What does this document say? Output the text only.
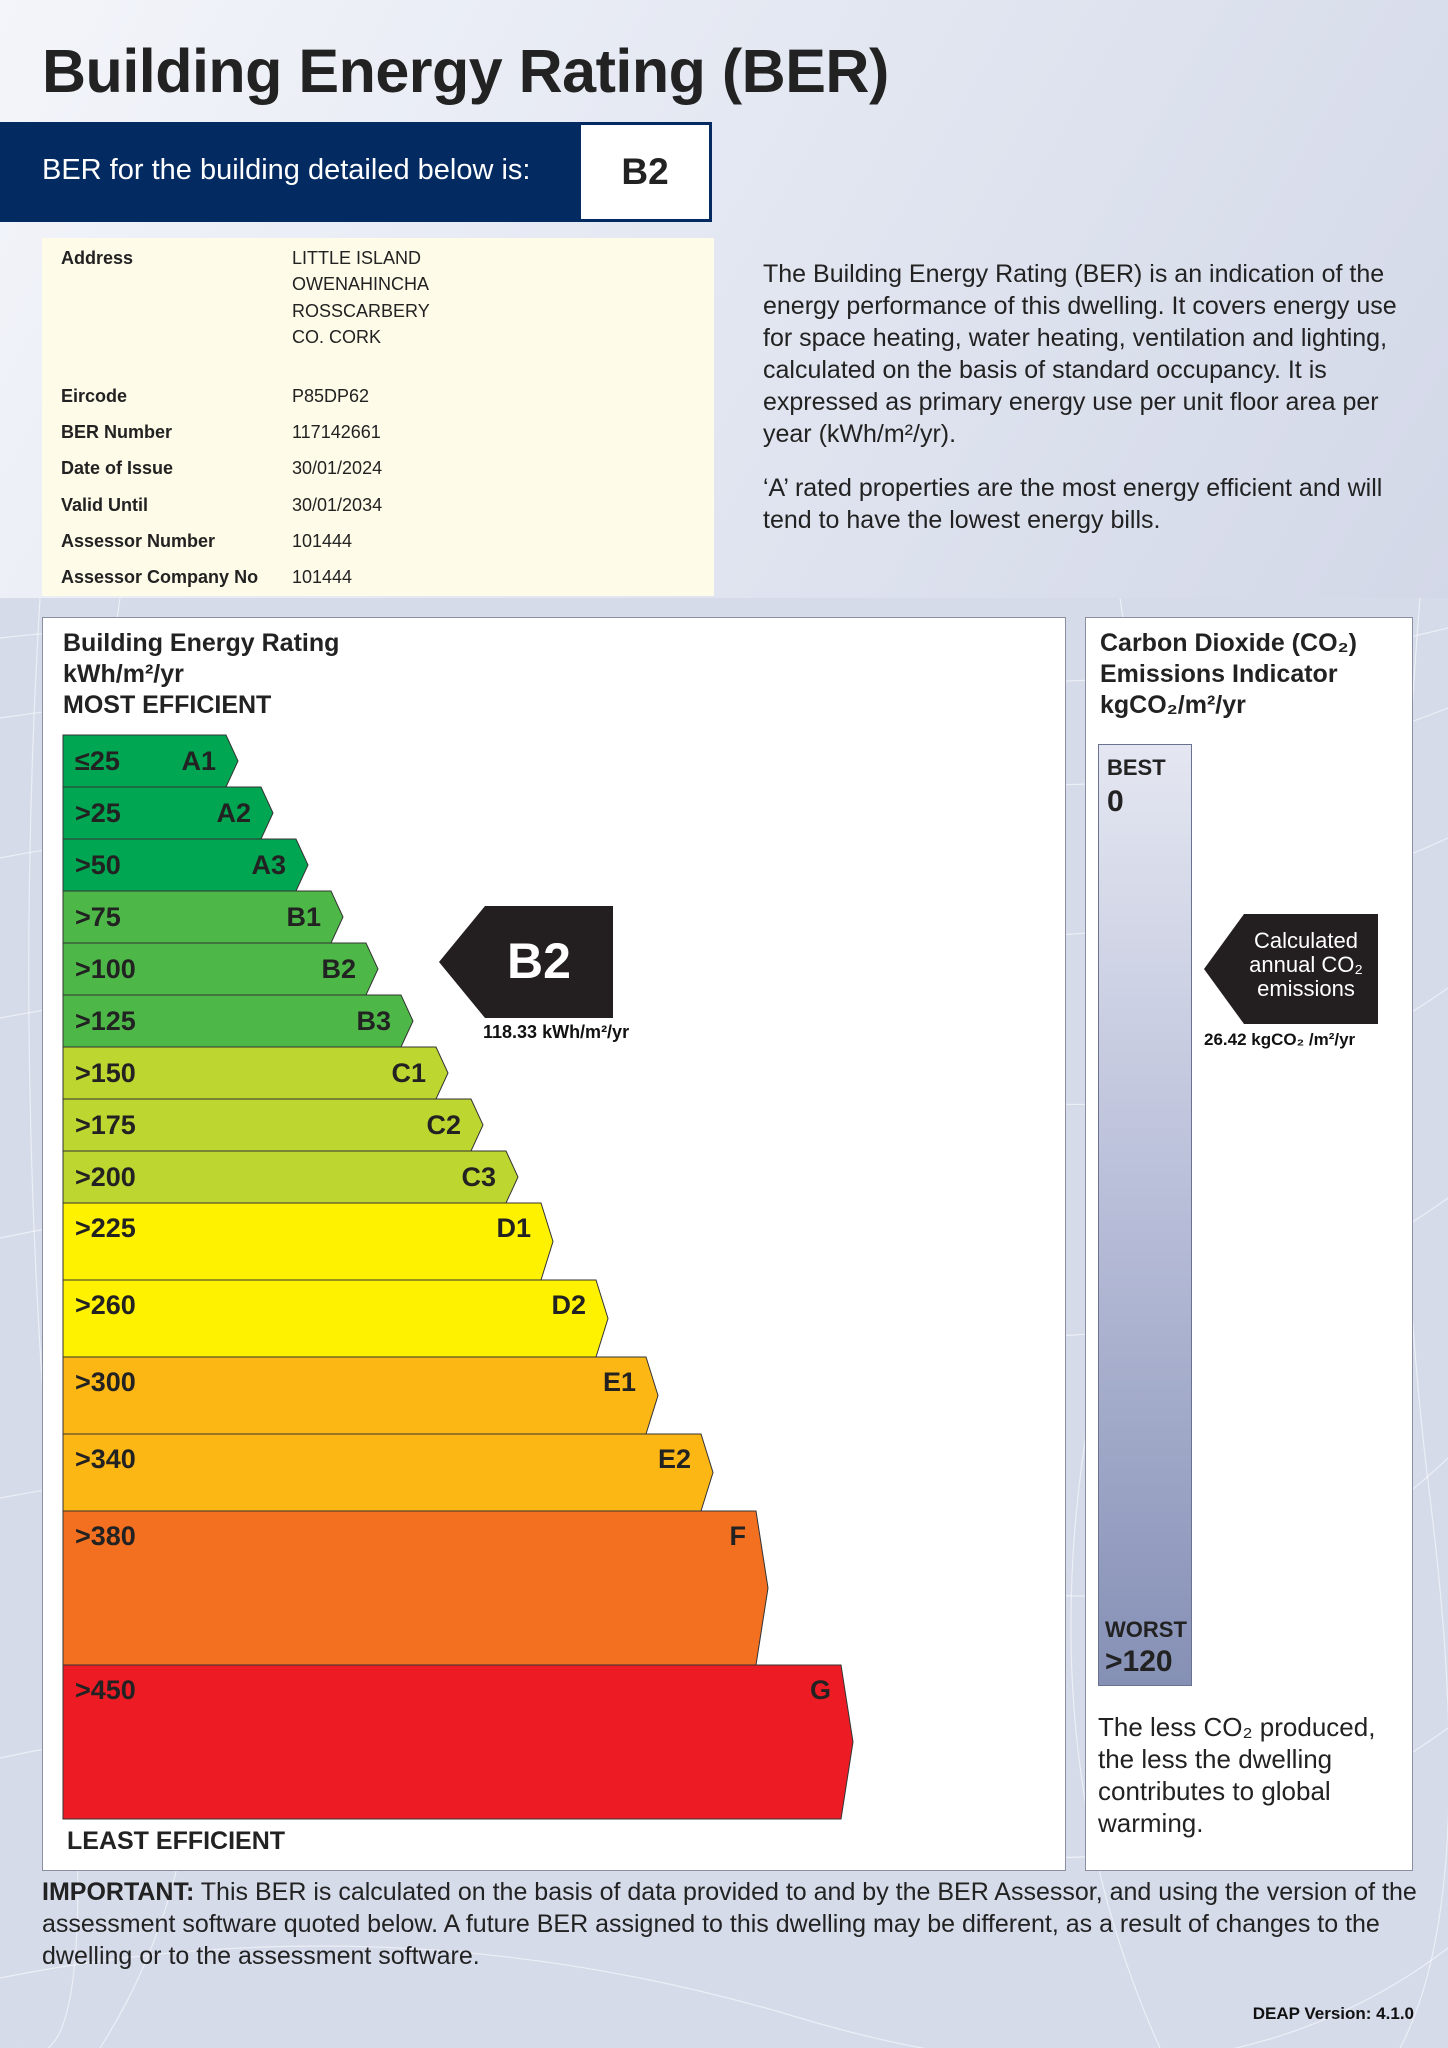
Building Energy Rating (BER)
BER for the building detailed below is:	B2
Address	LITTLE ISLAND
OWENAHINCHA
ROSSCARBERY
CO. CORK
Eircode	P85DP62
BER Number	117142661
Date of Issue	30/01/2024
Valid Until	30/01/2034
Assessor Number	101444
Assessor Company No 101444
The Building Energy Rating (BER) is an indication of the energy performance of this dwelling. It covers energy use for space heating, water heating, ventilation and lighting, calculated on the basis of standard occupancy. It is expressed as primary energy use per unit floor area per year (kWh/m²/yr).
‘A’ rated properties are the most energy efficient and will tend to have the lowest energy bills.
Building Energy Rating
kWh/m²/yr
MOST EFFICIENT
≤25 A1
>25	A2
>50	A3
>75	B1
>100	B2
>125	B3
>150	C1
>175	C2
>200	C3
>225	D1
>260	D2
>300	E1
>340	E2
>380	F
>450	G
B2
118.33 kWh/m²/yr
LEAST EFFICIENT
Carbon Dioxide (CO₂)
Emissions Indicator
kgCO₂/m²/yr
BEST
0
WORST
>120
Calculated
annual CO₂
emissions
26.42 kgCO₂ /m²/yr
The less CO₂ produced, the less the dwelling contributes to global warming.
IMPORTANT: This BER is calculated on the basis of data provided to and by the BER Assessor, and using the version of the assessment software quoted below. A future BER assigned to this dwelling may be different, as a result of changes to the dwelling or to the assessment software.
DEAP Version: 4.1.0
